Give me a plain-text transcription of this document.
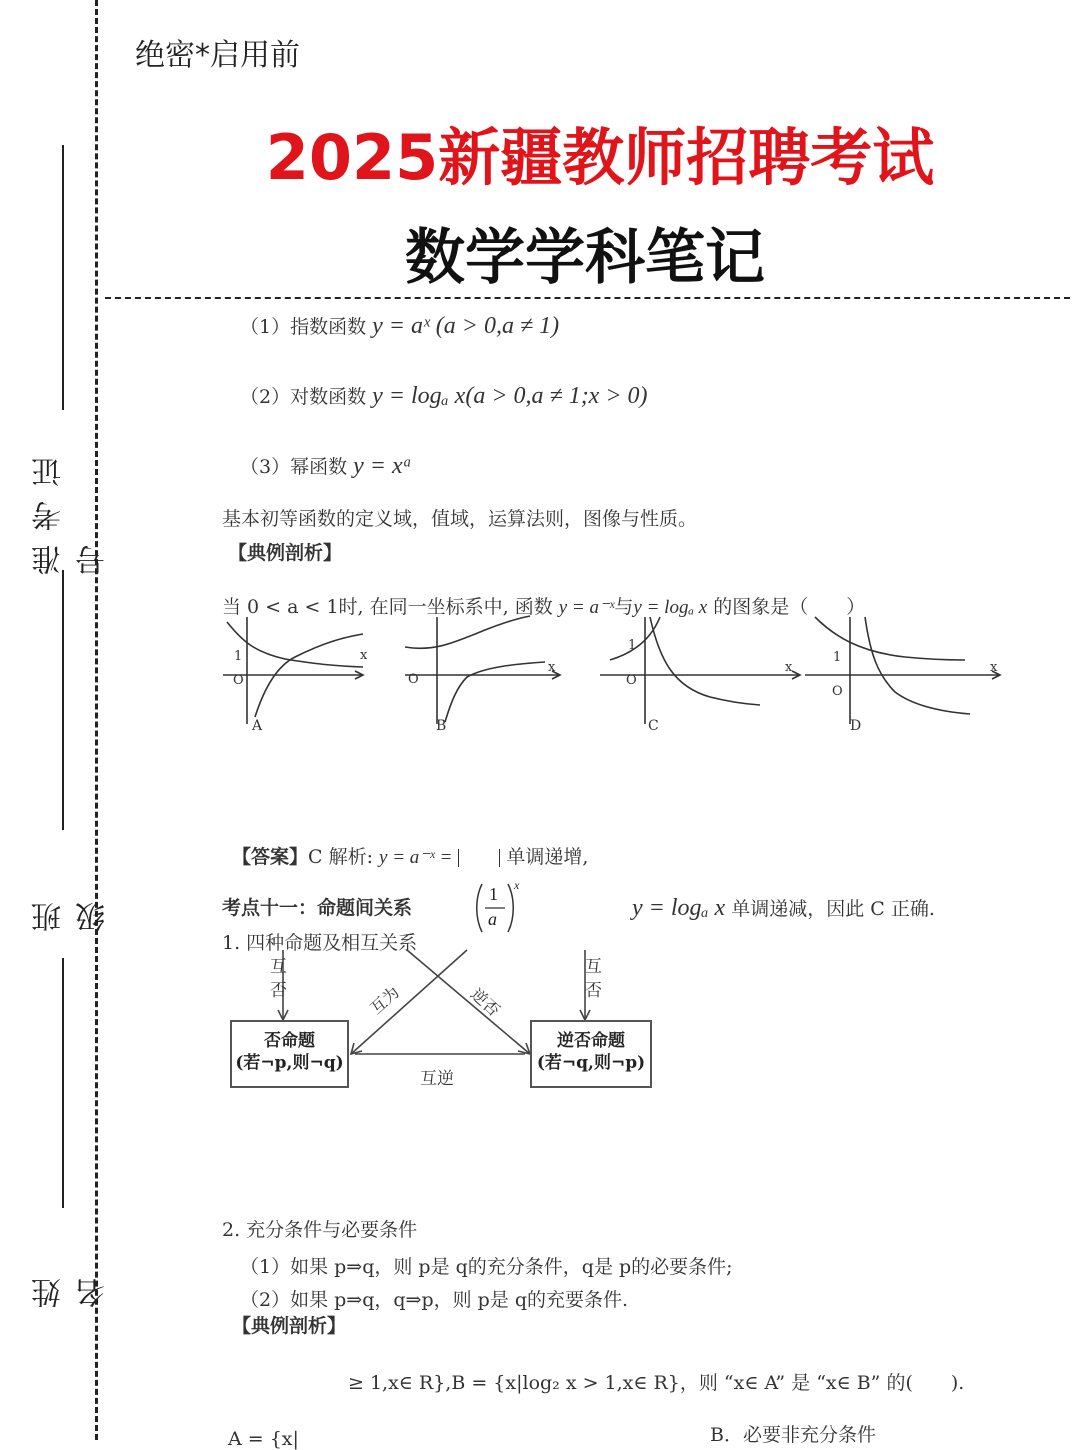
准考证号
班级
姓名
绝密*启用前
2025新疆教师招聘考试
数学学科笔记
（1）指数函数 y = aˣ (a > 0,a ≠ 1)
（2）对数函数 y = logₐ x(a > 0,a ≠ 1;x > 0)
（3）幂函数 y = xᵃ
基本初等函数的定义域，值域，运算法则，图像与性质。
【典例剖析】
当 0 < a < 1时, 在同一坐标系中, 函数 y = a⁻ˣ与y = logₐ x 的图象是（　　）
A	B	C	D
x
1
O
x
O
x
1
O
x
1
O
【答案】C 解析: y = a⁻ˣ =	单调递增,
考点十一：命题间关系
1
a
x
y = logₐ x 单调递减，因此 C 正确.
1. 四种命题及相互关系
互否
互否
互为	逆否
否命题
(若¬p,则¬q)
逆否命题
(若¬q,则¬p)
互逆
2. 充分条件与必要条件
（1）如果 p⇒q，则 p是 q的充分条件，q是 p的必要条件;
（2）如果 p⇒q，q⇒p，则 p是 q的充要条件.
【典例剖析】
≥ 1,x∈ R},B = {x|log₂ x > 1,x∈ R}，则 “x∈ A” 是 “x∈ B” 的(　　).
A = {x|	B．必要非充分条件
